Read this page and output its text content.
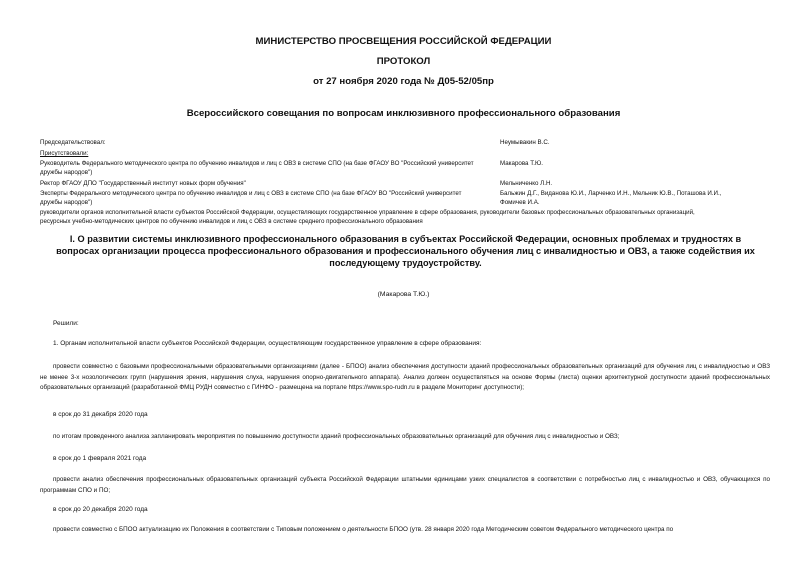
МИНИСТЕРСТВО ПРОСВЕЩЕНИЯ РОССИЙСКОЙ ФЕДЕРАЦИИ
ПРОТОКОЛ
от 27 ноября 2020 года № Д05-52/05пр
Всероссийского совещания по вопросам инклюзивного профессионального образования
Председательствовал:	Неумывакин В.С.
Присутствовали:
Руководитель Федерального методического центра по обучению инвалидов и лиц с ОВЗ в системе СПО (на базе ФГАОУ ВО "Российский университет
дружбы народов")
Макарова Т.Ю.
Ректор ФГАОУ ДПО "Государственный институт новых форм обучения"	Мельниченко Л.Н.
Эксперты Федерального методического центра по обучению инвалидов и лиц с ОВЗ в системе СПО (на базе ФГАОУ ВО "Российский университет
дружбы народов")
Бальжин Д.Г., Виданова Ю.И., Ларченко И.Н., Мельник Ю.В., Поташова И.И.,
Фомичев И.А.
руководители органов исполнительной власти субъектов Российской Федерации, осуществляющих государственное управление в сфере образования, руководители базовых профессиональных образовательных организаций,
ресурсных учебно-методических центров по обучению инвалидов и лиц с ОВЗ в системе среднего профессионального образования
I. О развитии системы инклюзивного профессионального образования в субъектах Российской Федерации, основных проблемах и трудностях в вопросах организации процесса профессионального образования и профессионального обучения лиц с инвалидностью и ОВЗ, а также содействия их последующему трудоустройству.
(Макарова Т.Ю.)
Решили:
1. Органам исполнительной власти субъектов Российской Федерации, осуществляющим государственное управление в сфере образования:
провести совместно с базовыми профессиональными образовательными организациями (далее - БПОО) анализ обеспечения доступности зданий профессиональных образовательных организаций для обучения лиц с инвалидностью и ОВЗ не менее 3-х нозологических групп (нарушения зрения, нарушения слуха, нарушения опорно-двигательного аппарата). Анализ должен осуществляться на основе Формы (листа) оценки архитектурной доступности зданий профессиональных образовательных организаций (разработанной ФМЦ РУДН совместно с ГИНФО - размещена на портале https://www.spo-rudn.ru в разделе Мониторинг доступности);
в срок до 31 декабря 2020 года
по итогам проведенного анализа запланировать мероприятия по повышению доступности зданий профессиональных образовательных организаций для обучения лиц с инвалидностью и ОВЗ;
в срок до 1 февраля 2021 года
провести анализ обеспечения профессиональных образовательных организаций субъекта Российской Федерации штатными единицами узких специалистов в соответствии с потребностью лиц с инвалидностью и ОВЗ, обучающихся по программам СПО и ПО;
в срок до 20 декабря 2020 года
провести совместно с БПОО актуализацию их Положения в соответствии с Типовым положением о деятельности БПОО (утв. 28 января 2020 года Методическим советом Федерального методического центра по
